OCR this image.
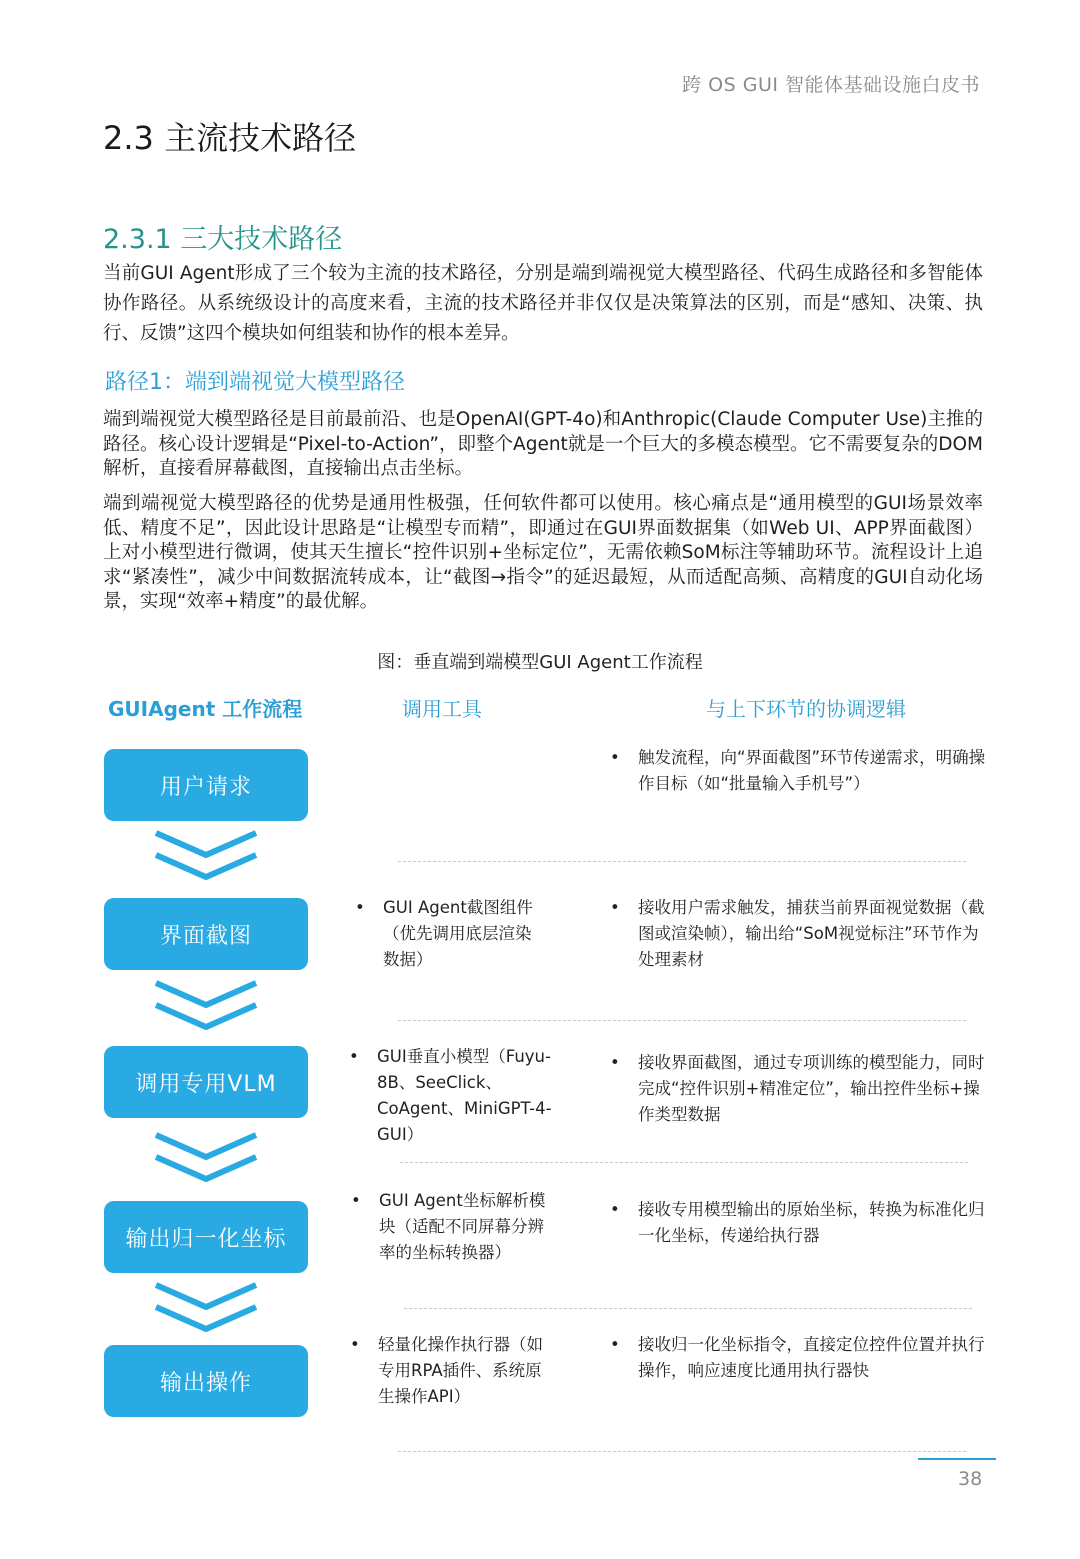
跨 OS GUI 智能体基础设施白皮书
2.3 主流技术路径
2.3.1 三大技术路径

当前GUI Agent形成了三个较为主流的技术路径，分别是端到端视觉大模型路径、代码生成路径和多智能体协作路径。从系统级设计的高度来看，主流的技术路径并非仅仅是决策算法的区别，而是“感知、决策、执行、反馈”这四个模块如何组装和协作的根本差异。

路径1：端到端视觉大模型路径

端到端视觉大模型路径是目前最前沿、也是OpenAI(GPT-4o)和Anthropic(Claude Computer Use)主推的路径。核心设计逻辑是“Pixel-to-Action”，即整个Agent就是一个巨大的多模态模型。它不需要复杂的DOM解析，直接看屏幕截图，直接输出点击坐标。

端到端视觉大模型路径的优势是通用性极强，任何软件都可以使用。核心痛点是“通用模型的GUI场景效率低、精度不足”，因此设计思路是“让模型专而精”，即通过在GUI界面数据集（如Web UI、APP界面截图）上对小模型进行微调，使其天生擅长“控件识别+坐标定位”，无需依赖SoM标注等辅助环节。流程设计上追求“紧凑性”，减少中间数据流转成本，让“截图→指令”的延迟最短，从而适配高频、高精度的GUI自动化场景，实现“效率+精度”的最优解。

图：垂直端到端模型GUI Agent工作流程
GUIAgent 工作流程	调用工具	与上下环节的协调逻辑
用户请求
•	触发流程，向“界面截图”环节传递需求，明确操作目标（如“批量输入手机号”）
界面截图
•	GUI Agent截图组件（优先调用底层渲染数据）
•	接收用户需求触发，捕获当前界面视觉数据（截图或渲染帧），输出给“SoM视觉标注”环节作为处理素材
调用专用VLM
•	GUI垂直小模型（Fuyu-8B、SeeClick、CoAgent、MiniGPT-4-GUI）
•	接收界面截图，通过专项训练的模型能力，同时完成“控件识别+精准定位”，输出控件坐标+操作类型数据
输出归一化坐标
•	GUI Agent坐标解析模块（适配不同屏幕分辨率的坐标转换器）
•	接收专用模型输出的原始坐标，转换为标准化归一化坐标，传递给执行器
输出操作
•	轻量化操作执行器（如专用RPA插件、系统原生操作API）
•	接收归一化坐标指令，直接定位控件位置并执行操作，响应速度比通用执行器快
38
